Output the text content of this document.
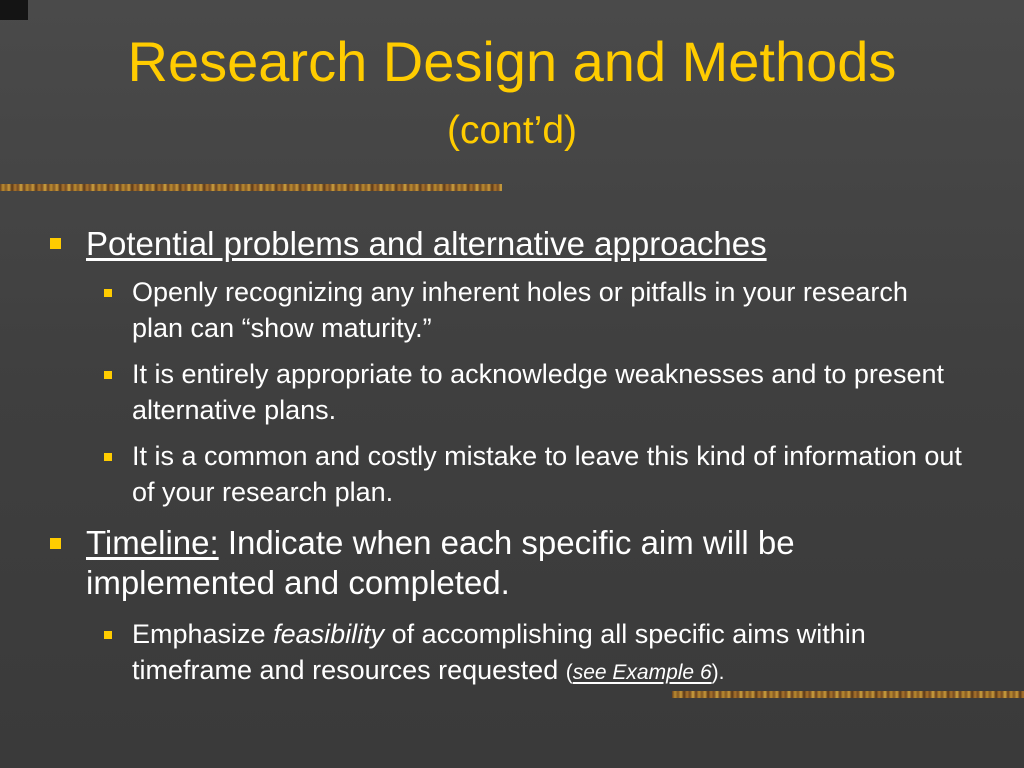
Research Design and Methods
(cont’d)
Potential problems and alternative approaches
Openly recognizing any inherent holes or pitfalls in your research plan can “show maturity.”
It is entirely appropriate to acknowledge weaknesses and to present alternative plans.
It is a common and costly mistake to leave this kind of information out of your research plan.
Timeline: Indicate when each specific aim will be implemented and completed.
Emphasize feasibility of accomplishing all specific aims within timeframe and resources requested (see Example 6).
